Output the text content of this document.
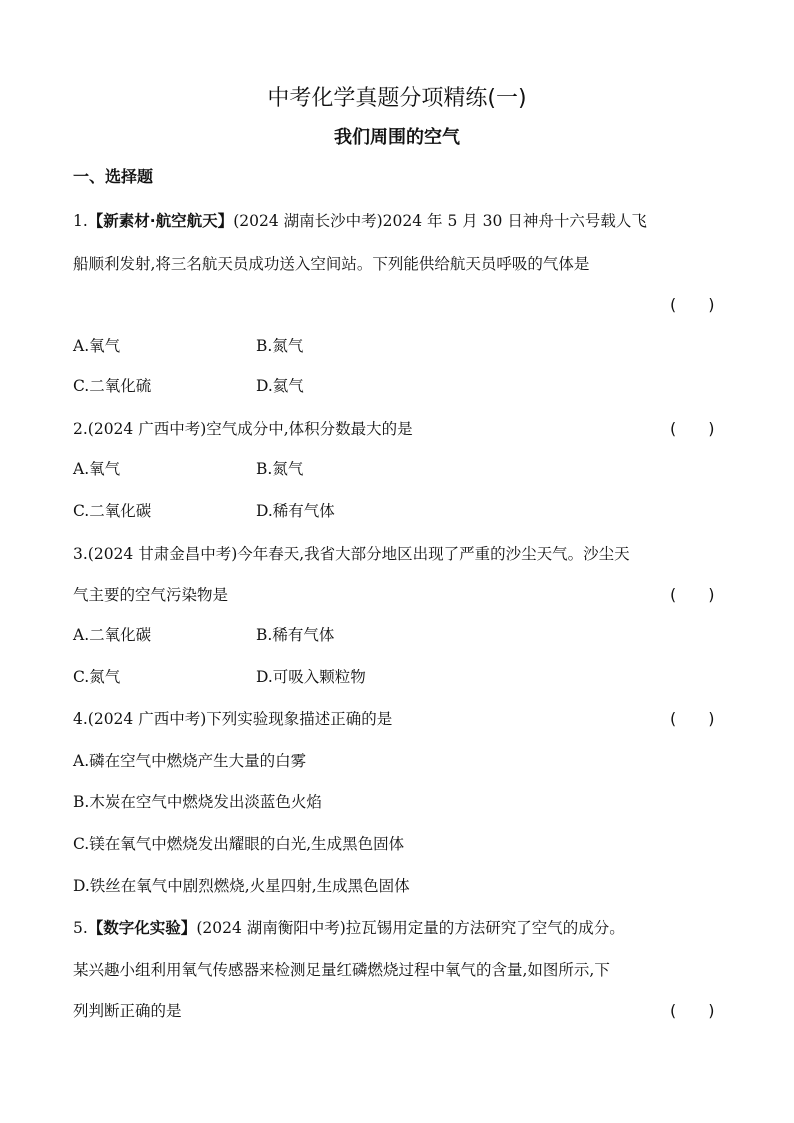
中考化学真题分项精练(一)
我们周围的空气
一、选择题
1.【新素材·航空航天】(2024 湖南长沙中考)2024 年 5 月 30 日神舟十六号载人飞
船顺利发射,将三名航天员成功送入空间站。下列能供给航天员呼吸的气体是
(　　)
A.氧气	B.氮气
C.二氧化硫	D.氦气
2.(2024 广西中考)空气成分中,体积分数最大的是	(　　)
A.氧气	B.氮气
C.二氧化碳	D.稀有气体
3.(2024 甘肃金昌中考)今年春天,我省大部分地区出现了严重的沙尘天气。沙尘天
气主要的空气污染物是	(　　)
A.二氧化碳	B.稀有气体
C.氮气	D.可吸入颗粒物
4.(2024 广西中考)下列实验现象描述正确的是	(　　)
A.磷在空气中燃烧产生大量的白雾
B.木炭在空气中燃烧发出淡蓝色火焰
C.镁在氧气中燃烧发出耀眼的白光,生成黑色固体
D.铁丝在氧气中剧烈燃烧,火星四射,生成黑色固体
5.【数字化实验】(2024 湖南衡阳中考)拉瓦锡用定量的方法研究了空气的成分。
某兴趣小组利用氧气传感器来检测足量红磷燃烧过程中氧气的含量,如图所示,下
列判断正确的是	(　　)
